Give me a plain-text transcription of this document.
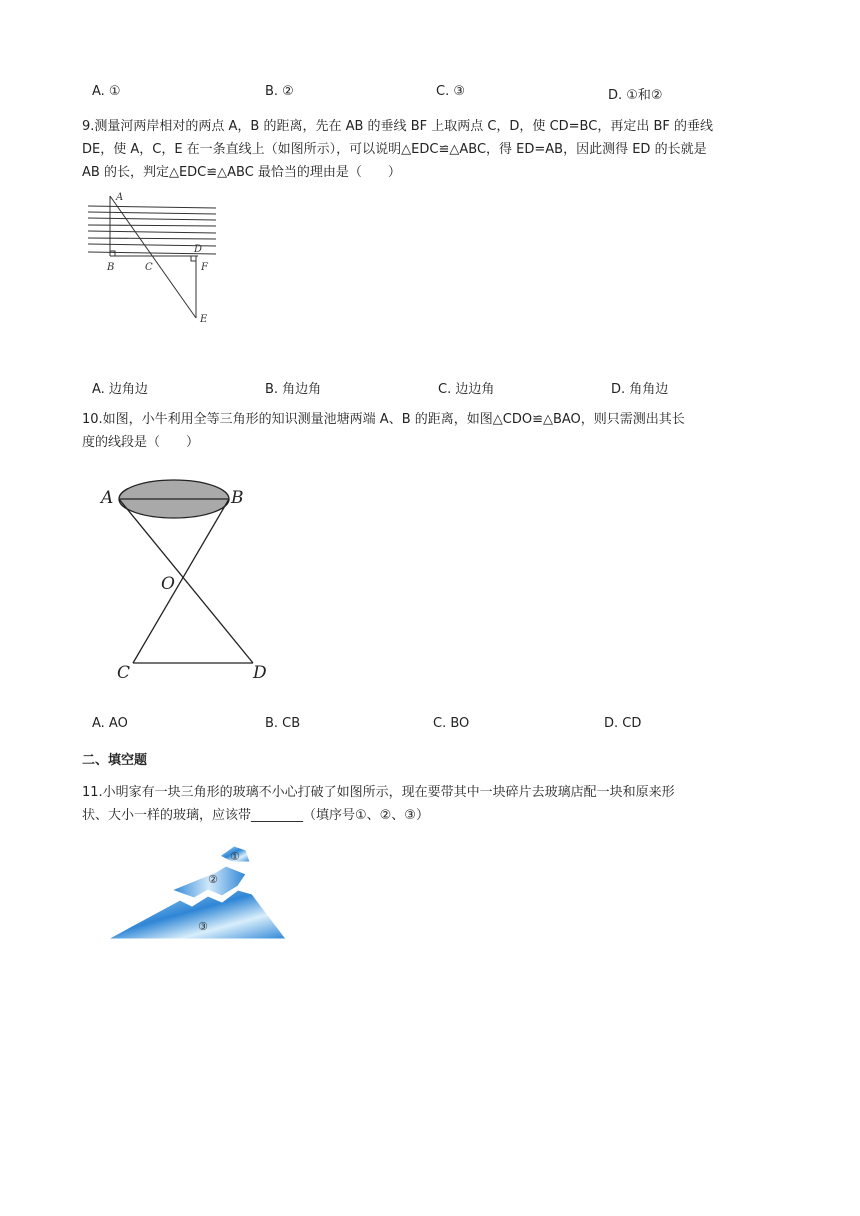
A. ①	B. ②	C. ③	D. ①和②
9.测量河两岸相对的两点 A，B 的距离，先在 AB 的垂线 BF 上取两点 C，D，使 CD=BC，再定出 BF 的垂线
DE，使 A，C，E 在一条直线上（如图所示），可以说明△EDC≌△ABC，得 ED=AB，因此测得 ED 的长就是
AB 的长，判定△EDC≌△ABC 最恰当的理由是（　　）
A
B	C
D
F
E
A. 边角边	B. 角边角	C. 边边角	D. 角角边
10.如图，小牛利用全等三角形的知识测量池塘两端 A、B 的距离，如图△CDO≌△BAO，则只需测出其长
度的线段是（　　）
A	B
O
C	D
A. AO	B. CB	C. BO	D. CD
二、填空题
11.小明家有一块三角形的玻璃不小心打破了如图所示，现在要带其中一块碎片去玻璃店配一块和原来形
状、大小一样的玻璃，应该带________（填序号①、②、③）
①
②
③
